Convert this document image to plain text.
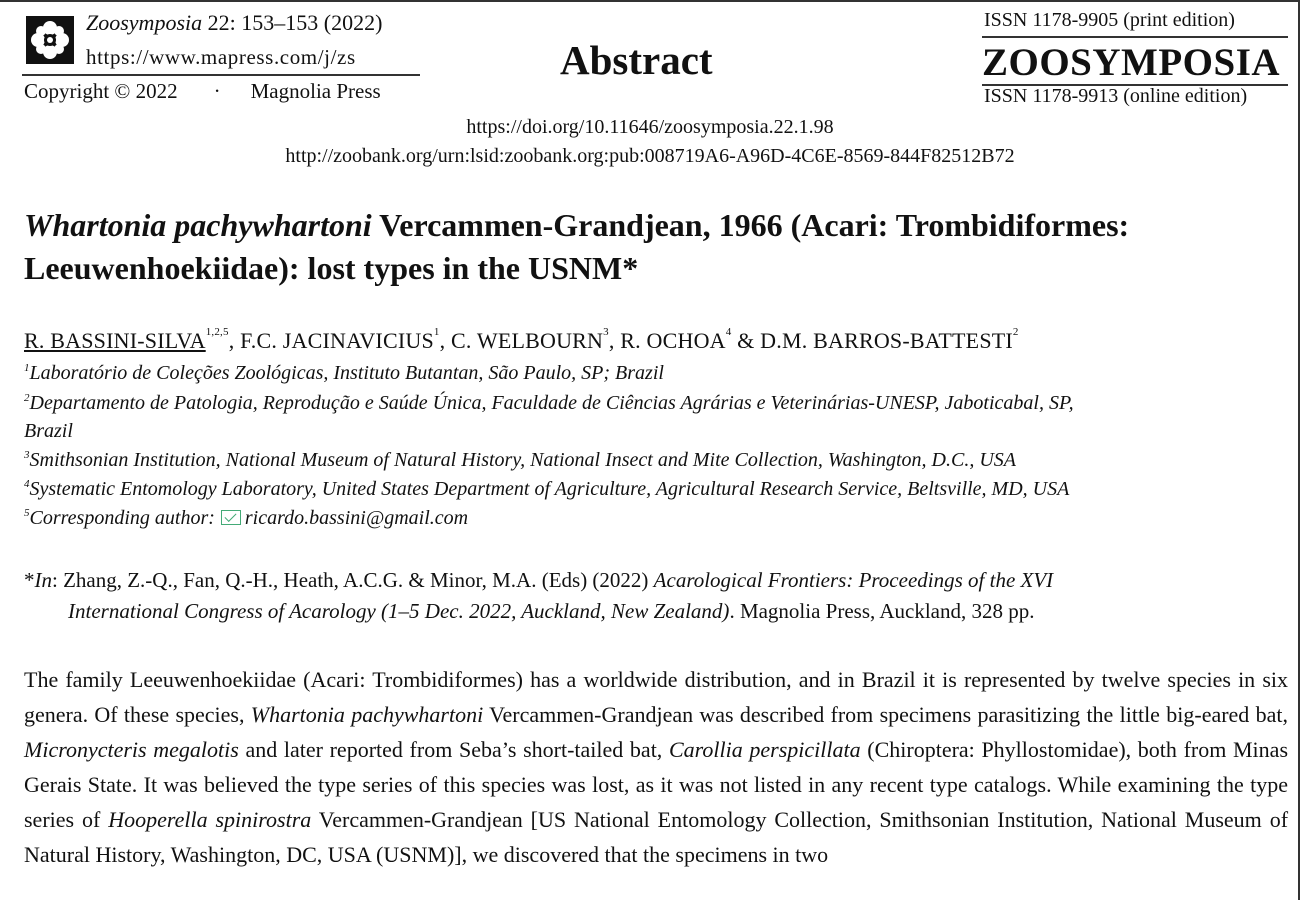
Zoosymposia 22: 153–153 (2022)
https://www.mapress.com/j/zs
Copyright © 2022 · Magnolia Press
Abstract
ISSN 1178-9905 (print edition)
ZOOSYMPOSIA
ISSN 1178-9913 (online edition)
https://doi.org/10.11646/zoosymposia.22.1.98
http://zoobank.org/urn:lsid:zoobank.org:pub:008719A6-A96D-4C6E-8569-844F82512B72
Whartonia pachywhartoni Vercammen-Grandjean, 1966 (Acari: Trombidiformes: Leeuwenhoekiidae): lost types in the USNM*
R. BASSINI-SILVA$^{1,2,5}$, F.C. JACINAVICIUS$^1$, C. WELBOURN$^3$, R. OCHOA$^4$ & D.M. BARROS-BATTESTI$^2$
$^1$Laboratório de Coleções Zoológicas, Instituto Butantan, São Paulo, SP; Brazil
$^2$Departamento de Patologia, Reprodução e Saúde Única, Faculdade de Ciências Agrárias e Veterinárias-UNESP, Jaboticabal, SP,
Brazil
$^3$Smithsonian Institution, National Museum of Natural History, National Insect and Mite Collection, Washington, D.C., USA
$^4$Systematic Entomology Laboratory, United States Department of Agriculture, Agricultural Research Service, Beltsville, MD, USA
$^5$Corresponding author: ricardo.bassini@gmail.com
*In: Zhang, Z.-Q., Fan, Q.-H., Heath, A.C.G. & Minor, M.A. (Eds) (2022) Acarological Frontiers: Proceedings of the XVI
International Congress of Acarology (1–5 Dec. 2022, Auckland, New Zealand). Magnolia Press, Auckland, 328 pp.
The family Leeuwenhoekiidae (Acari: Trombidiformes) has a worldwide distribution, and in Brazil it is represented by twelve species in six genera. Of these species, Whartonia pachywhartoni Vercammen-Grandjean was described from specimens parasitizing the little big-eared bat, Micronycteris megalotis and later reported from Seba’s short-tailed bat, Carollia perspicillata (Chiroptera: Phyllostomidae), both from Minas Gerais State. It was believed the type series of this species was lost, as it was not listed in any recent type catalogs. While examining the type series of Hooperella spinirostra Vercammen-Grandjean [US National Entomology Collection, Smithsonian Institution, National Museum of Natural History, Washington, DC, USA (USNM)], we discovered that the specimens in two
